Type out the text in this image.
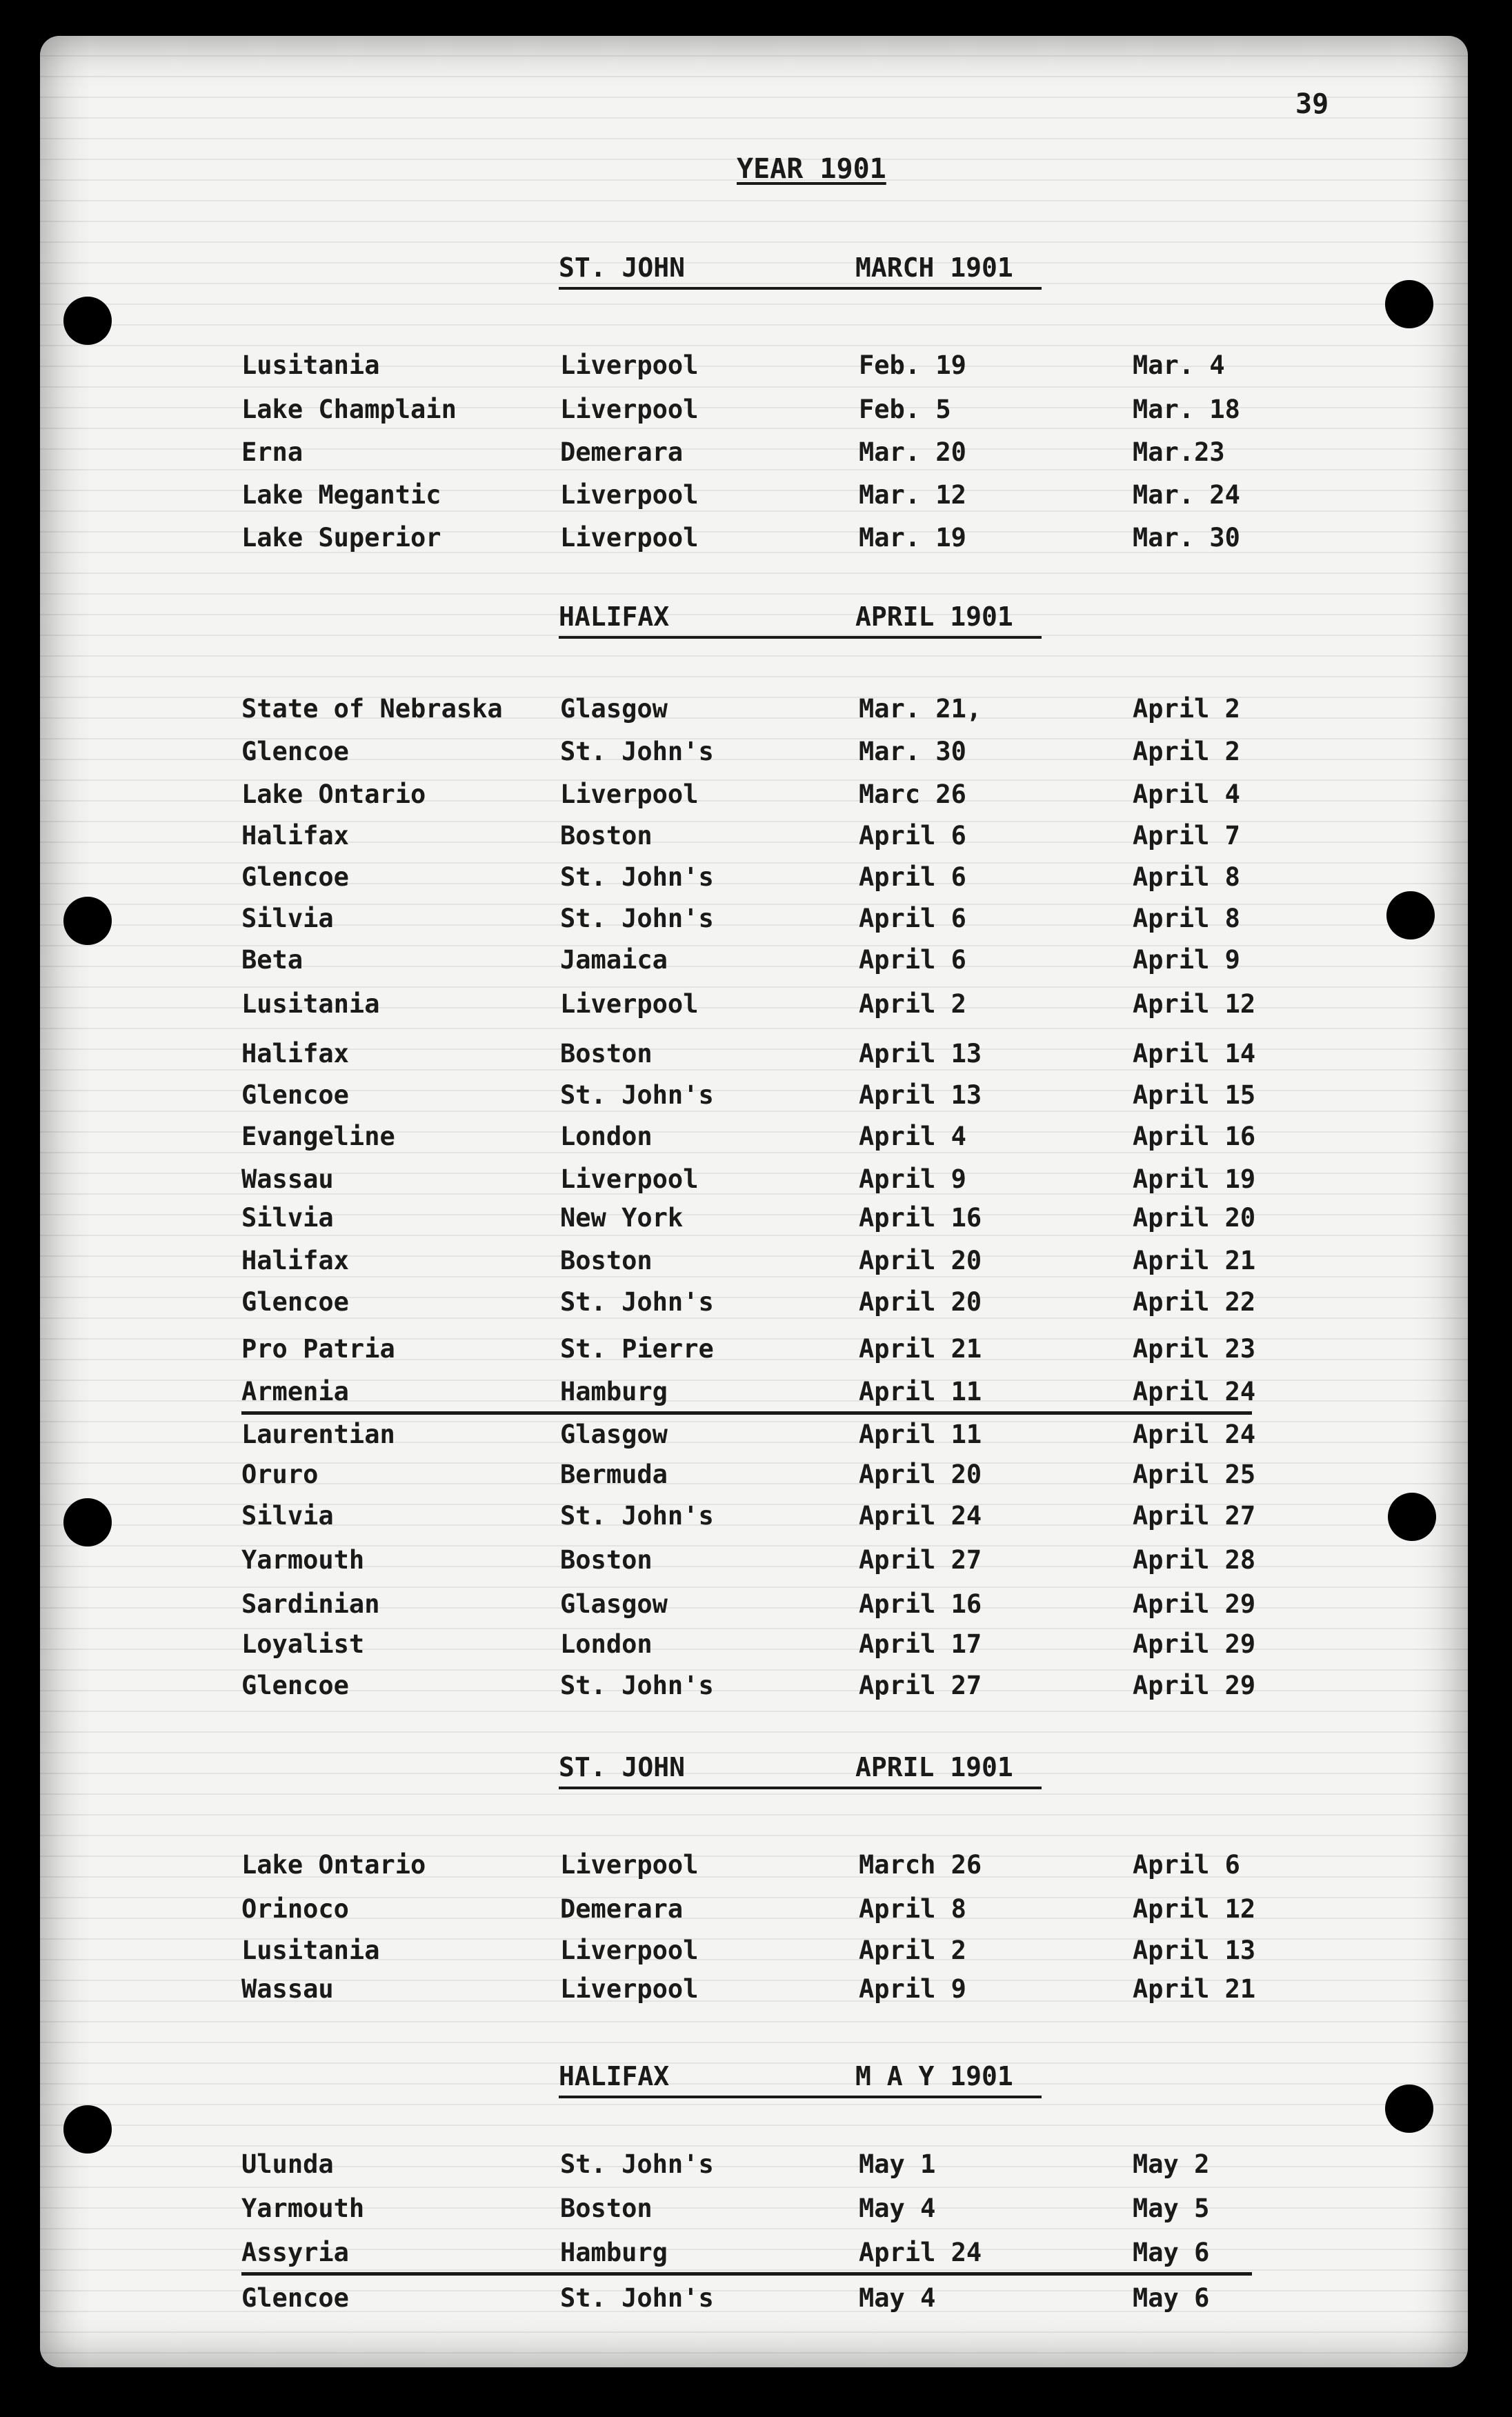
39
YEAR 1901
ST. JOHN	MARCH 1901
Lusitania	Liverpool	Feb. 19	Mar. 4
Lake Champlain	Liverpool	Feb. 5	Mar. 18
Erna	Demerara	Mar. 20	Mar.23
Lake Megantic	Liverpool	Mar. 12	Mar. 24
Lake Superior	Liverpool	Mar. 19	Mar. 30
HALIFAX	APRIL 1901
State of Nebraska Glasgow	Mar. 21,	April 2
Glencoe	St. John's	Mar. 30	April 2
Lake Ontario	Liverpool	Marc 26	April 4
Halifax	Boston	April 6	April 7
Glencoe	St. John's	April 6	April 8
Silvia	St. John's	April 6	April 8
Beta	Jamaica	April 6	April 9
Lusitania	Liverpool	April 2	April 12
Halifax	Boston	April 13	April 14
Glencoe	St. John's	April 13	April 15
Evangeline	London	April 4	April 16
Wassau	Liverpool	April 9	April 19
Silvia	New York	April 16	April 20
Halifax	Boston	April 20	April 21
Glencoe	St. John's	April 20	April 22
Pro Patria	St. Pierre	April 21	April 23
Armenia	Hamburg	April 11	April 24
Laurentian	Glasgow	April 11	April 24
Oruro	Bermuda	April 20	April 25
Silvia	St. John's	April 24	April 27
Yarmouth	Boston	April 27	April 28
Sardinian	Glasgow	April 16	April 29
Loyalist	London	April 17	April 29
Glencoe	St. John's	April 27	April 29
ST. JOHN	APRIL 1901
Lake Ontario	Liverpool	March 26	April 6
Orinoco	Demerara	April 8	April 12
Lusitania	Liverpool	April 2	April 13
Wassau	Liverpool	April 9	April 21
HALIFAX	M A Y 1901
Ulunda	St. John's	May 1	May 2
Yarmouth	Boston	May 4	May 5
Assyria	Hamburg	April 24	May 6
Glencoe	St. John's	May 4	May 6
